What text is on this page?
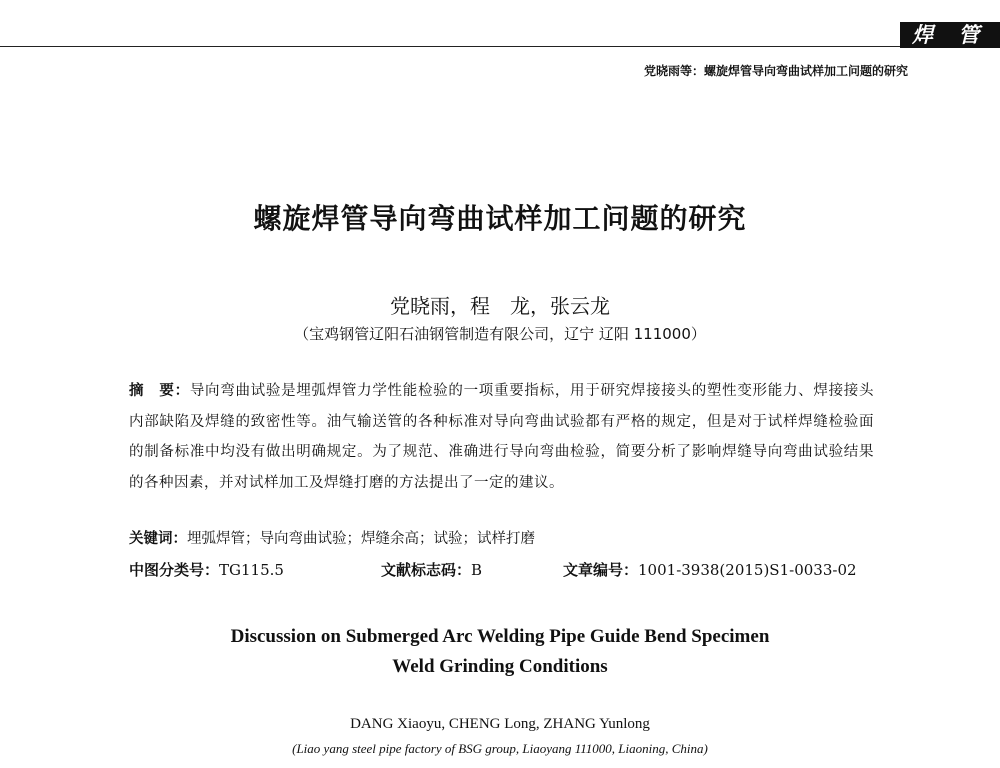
焊 管
党晓雨等：螺旋焊管导向弯曲试样加工问题的研究
螺旋焊管导向弯曲试样加工问题的研究
党晓雨，程　龙，张云龙
（宝鸡钢管辽阳石油钢管制造有限公司，辽宁 辽阳 111000）
摘　要：导向弯曲试验是埋弧焊管力学性能检验的一项重要指标，用于研究焊接接头的塑性变形能力、焊接接头内部缺陷及焊缝的致密性等。油气输送管的各种标准对导向弯曲试验都有严格的规定，但是对于试样焊缝检验面的制备标准中均没有做出明确规定。为了规范、准确进行导向弯曲检验，简要分析了影响焊缝导向弯曲试验结果的各种因素，并对试样加工及焊缝打磨的方法提出了一定的建议。
关键词：埋弧焊管；导向弯曲试验；焊缝余高；试验；试样打磨
中图分类号：TG115.5	文献标志码：B	文章编号：1001-3938(2015)S1-0033-02
Discussion on Submerged Arc Welding Pipe Guide Bend Specimen
Weld Grinding Conditions
DANG Xiaoyu, CHENG Long, ZHANG Yunlong
(Liao yang steel pipe factory of BSG group, Liaoyang 111000, Liaoning, China)
